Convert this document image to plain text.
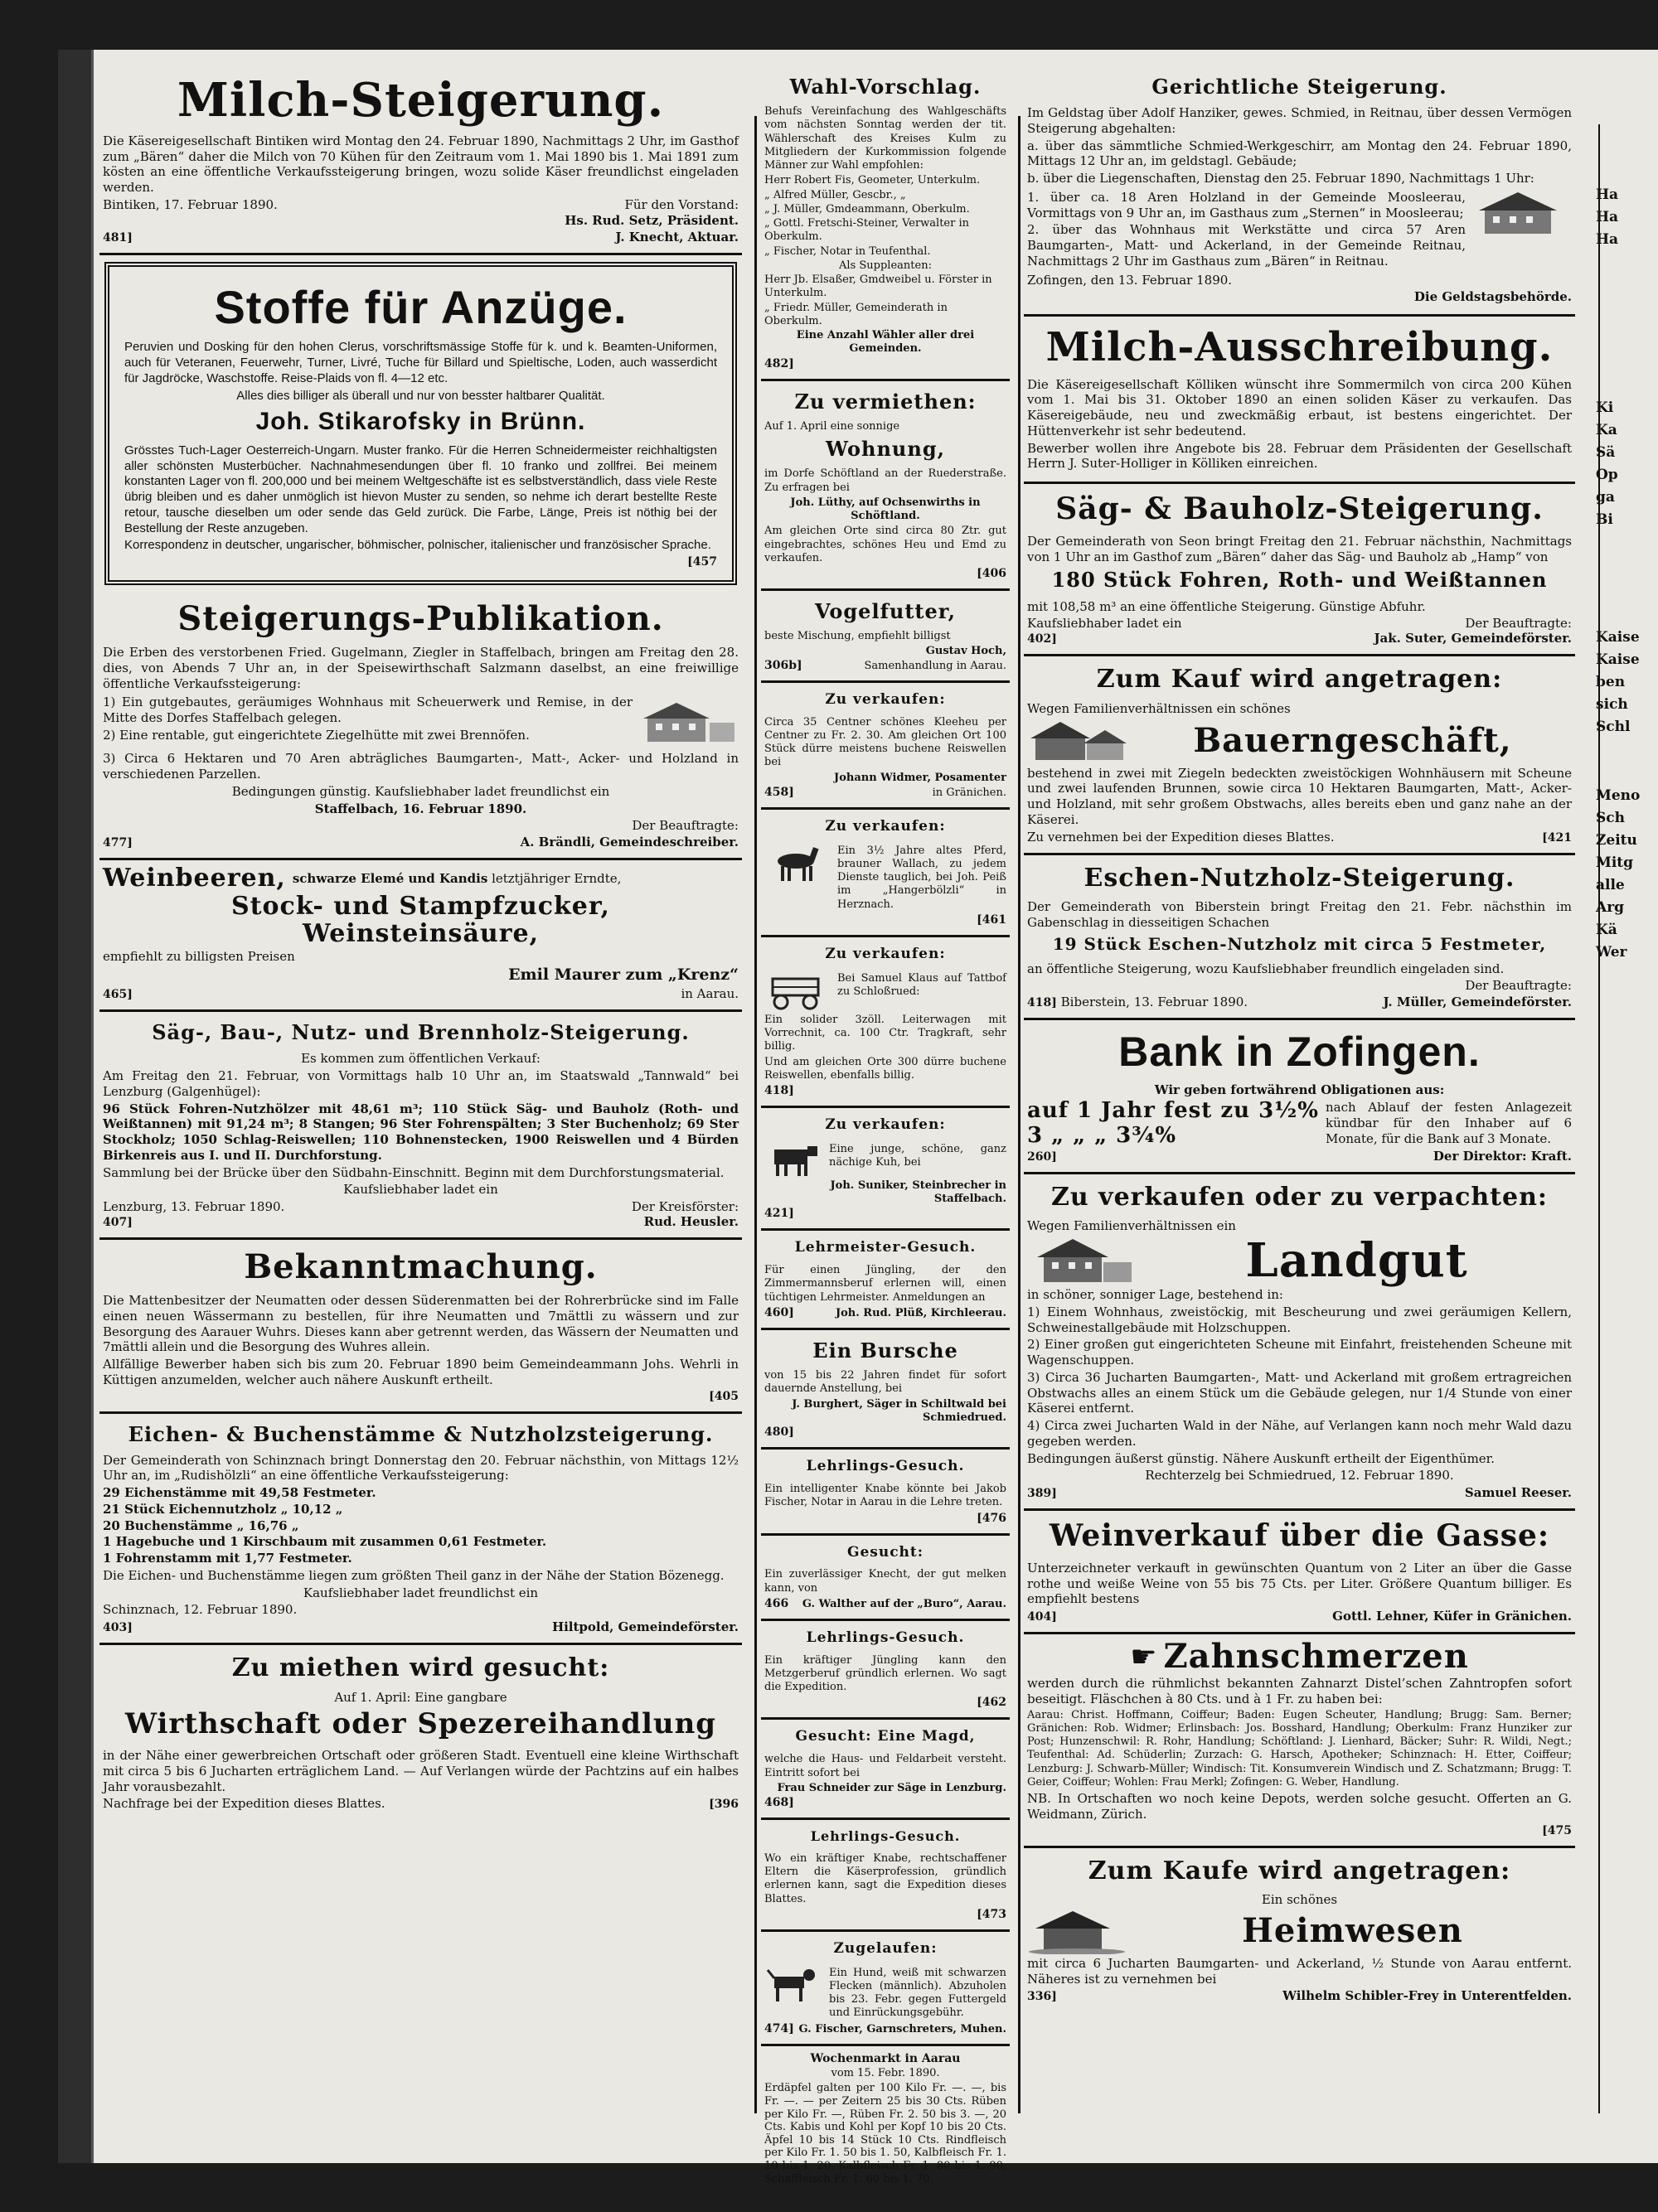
Milch-Steigerung.

Die Käsereigesellschaft Bintiken wird Montag den 24. Februar 1890, Nachmittags 2 Uhr, im Gasthof zum „Bären“ daher die Milch von 70 Kühen für den Zeitraum vom 1. Mai 1890 bis 1. Mai 1891 zum kösten an eine öffentliche Verkaufssteigerung bringen, wozu solide Käser freundlichst eingeladen werden.

Bintiken, 17. Februar 1890.	Für den Vorstand:
Hs. Rud. Setz, Präsident.
481]	J. Knecht, Aktuar.
Stoffe für Anzüge.

Peruvien und Dosking für den hohen Clerus, vorschriftsmässige Stoffe für k. und k. Beamten-Uniformen, auch für Veteranen, Feuerwehr, Turner, Livré, Tuche für Billard und Spieltische, Loden, auch wasserdicht für Jagdröcke, Waschstoffe. Reise-Plaids von fl. 4—12 etc.

Alles dies billiger als überall und nur von besster haltbarer Qualität.

Joh. Stikarofsky in Brünn.

Grösstes Tuch-Lager Oesterreich-Ungarn. Muster franko. Für die Herren Schneidermeister reichhaltigsten aller schönsten Musterbücher. Nachnahmesendungen über fl. 10 franko und zollfrei. Bei meinem konstanten Lager von fl. 200,000 und bei meinem Weltgeschäfte ist es selbstverständlich, dass viele Reste übrig bleiben und es daher unmöglich ist hievon Muster zu senden, so nehme ich derart bestellte Reste retour, tausche dieselben um oder sende das Geld zurück. Die Farbe, Länge, Preis ist nöthig bei der Bestellung der Reste anzugeben.

Korrespondenz in deutscher, ungarischer, böhmischer, polnischer, italienischer und französischer Sprache.

[457
Steigerungs-Publikation.

Die Erben des verstorbenen Fried. Gugelmann, Ziegler in Staffelbach, bringen am Freitag den 28. dies, von Abends 7 Uhr an, in der Speisewirthschaft Salzmann daselbst, an eine freiwillige öffentliche Verkaufssteigerung:

1) Ein gutgebautes, geräumiges Wohnhaus mit Scheuerwerk und Remise, in der Mitte des Dorfes Staffelbach gelegen.

2) Eine rentable, gut eingerichtete Ziegelhütte mit zwei Brennöfen.

3) Circa 6 Hektaren und 70 Aren abträgliches Baumgarten-, Matt-, Acker- und Holzland in verschiedenen Parzellen.

Bedingungen günstig. Kaufsliebhaber ladet freundlichst ein

Staffelbach, 16. Februar 1890.

Der Beauftragte:
477]	A. Brändli, Gemeindeschreiber.
Weinbeeren, schwarze Elemé und Kandis letztjähriger Erndte,
Stock- und Stampfzucker,
Weinsteinsäure,

empfiehlt zu billigsten Preisen

Emil Maurer zum „Krenz“
465]	in Aarau.
Säg-, Bau-, Nutz- und Brennholz-Steigerung.

Es kommen zum öffentlichen Verkauf:

Am Freitag den 21. Februar, von Vormittags halb 10 Uhr an, im Staatswald „Tannwald“ bei Lenzburg (Galgenhügel):

96 Stück Fohren-Nutzhölzer mit 48,61 m³; 110 Stück Säg- und Bauholz (Roth- und Weißtannen) mit 91,24 m³; 8 Stangen; 96 Ster Fohrenspälten; 3 Ster Buchenholz; 69 Ster Stockholz; 1050 Schlag-Reiswellen; 110 Bohnenstecken, 1900 Reiswellen und 4 Bürden Birkenreis aus I. und II. Durchforstung.

Sammlung bei der Brücke über den Südbahn-Einschnitt. Beginn mit dem Durchforstungsmaterial.

Kaufsliebhaber ladet ein

Lenzburg, 13. Februar 1890.	Der Kreisförster:
407]	Rud. Heusler.
Bekanntmachung.

Die Mattenbesitzer der Neumatten oder dessen Süderenmatten bei der Rohrerbrücke sind im Falle einen neuen Wässermann zu bestellen, für ihre Neumatten und 7mättli zu wässern und zur Besorgung des Aarauer Wuhrs. Dieses kann aber getrennt werden, das Wässern der Neumatten und 7mättli allein und die Besorgung des Wuhres allein.

Allfällige Bewerber haben sich bis zum 20. Februar 1890 beim Gemeindeammann Johs. Wehrli in Küttigen anzumelden, welcher auch nähere Auskunft ertheilt.

[405
Eichen- & Buchenstämme & Nutzholzsteigerung.

Der Gemeinderath von Schinznach bringt Donnerstag den 20. Februar nächsthin, von Mittags 12½ Uhr an, im „Rudishölzli“ an eine öffentliche Verkaufssteigerung:

29 Eichenstämme mit 49,58 Festmeter.
21 Stück Eichennutzholz „ 10,12 „
20 Buchenstämme „ 16,76 „
1 Hagebuche und 1 Kirschbaum mit zusammen 0,61 Festmeter.
1 Fohrenstamm mit 1,77 Festmeter.

Die Eichen- und Buchenstämme liegen zum größten Theil ganz in der Nähe der Station Bözenegg.

Kaufsliebhaber ladet freundlichst ein

Schinznach, 12. Februar 1890.

403]	Hiltpold, Gemeindeförster.
Zu miethen wird gesucht:

Auf 1. April: Eine gangbare

Wirthschaft oder Spezereihandlung

in der Nähe einer gewerbreichen Ortschaft oder größeren Stadt. Eventuell eine kleine Wirthschaft mit circa 5 bis 6 Jucharten erträglichem Land. — Auf Verlangen würde der Pachtzins auf ein halbes Jahr vorausbezahlt.

Nachfrage bei der Expedition dieses Blattes.	[396
Wahl-Vorschlag.

Behufs Vereinfachung des Wahlgeschäfts vom nächsten Sonntag werden der tit. Wählerschaft des Kreises Kulm zu Mitgliedern der Kurkommission folgende Männer zur Wahl empfohlen:

Herr Robert Fis, Geometer, Unterkulm.
„ Alfred Müller, Gescbr., „
„ J. Müller, Gmdeammann, Oberkulm.
„ Gottl. Fretschi-Steiner, Verwalter in Oberkulm.
„ Fischer, Notar in Teufenthal.
Als Suppleanten:
Herr Jb. Elsaßer, Gmdweibel u. Förster in Unterkulm.
„ Friedr. Müller, Gemeinderath in Oberkulm.
Eine Anzahl Wähler aller drei Gemeinden.
482]
Zu vermiethen:
Auf 1. April eine sonnige
Wohnung,

im Dorfe Schöftland an der Ruederstraße. Zu erfragen bei

Joh. Lüthy, auf Ochsenwirths in Schöftland.

Am gleichen Orte sind circa 80 Ztr. gut eingebrachtes, schönes Heu und Emd zu verkaufen.

[406
Vogelfutter,
beste Mischung, empfiehlt billigst
Gustav Hoch,
306b]	Samenhandlung in Aarau.
Zu verkaufen:

Circa 35 Centner schönes Kleeheu per Centner zu Fr. 2. 30. Am gleichen Ort 100 Stück dürre meistens buchene Reiswellen bei

Johann Widmer, Posamenter
458]	in Gränichen.
Zu verkaufen:

Ein 3½ Jahre altes Pferd, brauner Wallach, zu jedem Dienste tauglich, bei Joh. Peiß im „Hangerbölzli“ in Herznach.

[461
Zu verkaufen:

Bei Samuel Klaus auf Tattbof zu Schloßrued:

Ein solider 3zöll. Leiterwagen mit Vorrechnit, ca. 100 Ctr. Tragkraft, sehr billig.

Und am gleichen Orte 300 dürre buchene Reiswellen, ebenfalls billig.

418]
Zu verkaufen:

Eine junge, schöne, ganz nächige Kuh, bei

Joh. Suniker, Steinbrecher in Staffelbach.
421]
Lehrmeister-Gesuch.

Für einen Jüngling, der den Zimmermannsberuf erlernen will, einen tüchtigen Lehrmeister. Anmeldungen an

460]	Joh. Rud. Plüß, Kirchleerau.
Ein Bursche

von 15 bis 22 Jahren findet für sofort dauernde Anstellung, bei

J. Burghert, Säger in Schiltwald bei Schmiedrued.
480]
Lehrlings-Gesuch.

Ein intelligenter Knabe könnte bei Jakob Fischer, Notar in Aarau in die Lehre treten.

[476
Gesucht:

Ein zuverlässiger Knecht, der gut melken kann, von

466 G. Walther auf der „Buro“, Aarau.
Lehrlings-Gesuch.

Ein kräftiger Jüngling kann den Metzgerberuf gründlich erlernen. Wo sagt die Expedition.

[462
Gesucht: Eine Magd,

welche die Haus- und Feldarbeit versteht. Eintritt sofort bei

Frau Schneider zur Säge in Lenzburg.
468]
Lehrlings-Gesuch.

Wo ein kräftiger Knabe, rechtschaffener Eltern die Käserprofession, gründlich erlernen kann, sagt die Expedition dieses Blattes.

[473
Zugelaufen:

Ein Hund, weiß mit schwarzen Flecken (männlich). Abzuholen bis 23. Febr. gegen Futtergeld und Einrückungsgebühr.

474] G. Fischer, Garnschreters, Muhen.
Wochenmarkt in Aarau
vom 15. Febr. 1890.

Erdäpfel galten per 100 Kilo Fr. —. —, bis Fr. —. — per Zeitern 25 bis 30 Cts. Rüben per Kilo Fr. —, Rüben Fr. 2. 50 bis 3. —, 20 Cts. Kabis und Kohl per Kopf 10 bis 20 Cts. Äpfel 10 bis 14 Stück 10 Cts. Rindfleisch per Kilo Fr. 1. 50 bis 1. 50, Kalbfleisch Fr. 1. 10 bis 1. 20, Kalbfleisch Fr. 1. 80 bis 1. 90, Schaffleisch Fr. 1. 60 bis 1. 70.

Gerichtliche Steigerung.

Im Geldstag über Adolf Hanziker, gewes. Schmied, in Reitnau, über dessen Vermögen Steigerung abgehalten:

a. über das sämmtliche Schmied-Werkgeschirr, am Montag den 24. Februar 1890, Mittags 12 Uhr an, im geldstagl. Gebäude;

b. über die Liegenschaften, Dienstag den 25. Februar 1890, Nachmittags 1 Uhr:

1. über ca. 18 Aren Holzland in der Gemeinde Moosleerau, Vormittags von 9 Uhr an, im Gasthaus zum „Sternen“ in Moosleerau;

2. über das Wohnhaus mit Werkstätte und circa 57 Aren Baumgarten-, Matt- und Ackerland, in der Gemeinde Reitnau, Nachmittags 2 Uhr im Gasthaus zum „Bären“ in Reitnau.

Zofingen, den 13. Februar 1890.

Die Geldstagsbehörde.
Milch-Ausschreibung.

Die Käsereigesellschaft Kölliken wünscht ihre Sommermilch von circa 200 Kühen vom 1. Mai bis 31. Oktober 1890 an einen soliden Käser zu verkaufen. Das Käsereigebäude, neu und zweckmäßig erbaut, ist bestens eingerichtet. Der Hüttenverkehr ist sehr bedeutend.

Bewerber wollen ihre Angebote bis 28. Februar dem Präsidenten der Gesellschaft Herrn J. Suter-Holliger in Kölliken einreichen.

Säg- & Bauholz-Steigerung.

Der Gemeinderath von Seon bringt Freitag den 21. Februar nächsthin, Nachmittags von 1 Uhr an im Gasthof zum „Bären“ daher das Säg- und Bauholz ab „Hamp“ von

180 Stück Fohren, Roth- und Weißtannen

mit 108,58 m³ an eine öffentliche Steigerung. Günstige Abfuhr.

Kaufsliebhaber ladet ein	Der Beauftragte:
402]	Jak. Suter, Gemeindeförster.
Zum Kauf wird angetragen:

Wegen Familienverhältnissen ein schönes

Bauerngeschäft,

bestehend in zwei mit Ziegeln bedeckten zweistöckigen Wohnhäusern mit Scheune und zwei laufenden Brunnen, sowie circa 10 Hektaren Baumgarten, Matt-, Acker- und Holzland, mit sehr großem Obstwachs, alles bereits eben und ganz nahe an der Käserei.

Zu vernehmen bei der Expedition dieses Blattes.	[421
Eschen-Nutzholz-Steigerung.

Der Gemeinderath von Biberstein bringt Freitag den 21. Febr. nächsthin im Gabenschlag in diesseitigen Schachen

19 Stück Eschen-Nutzholz mit circa 5 Festmeter,

an öffentliche Steigerung, wozu Kaufsliebhaber freundlich eingeladen sind.

Der Beauftragte:
418] Biberstein, 13. Februar 1890.	J. Müller, Gemeindeförster.
Bank in Zofingen.
Wir geben fortwährend Obligationen aus:
auf 1 Jahr fest zu 3½%
3 „ „ „ 3¾%

nach Ablauf der festen Anlagezeit kündbar für den Inhaber auf 6 Monate, für die Bank auf 3 Monate.

260]	Der Direktor: Kraft.
Zu verkaufen oder zu verpachten:

Wegen Familienverhältnissen ein

Landgut

in schöner, sonniger Lage, bestehend in:

1) Einem Wohnhaus, zweistöckig, mit Bescheurung und zwei geräumigen Kellern, Schweinestallgebäude mit Holzschuppen.

2) Einer großen gut eingerichteten Scheune mit Einfahrt, freistehenden Scheune mit Wagenschuppen.

3) Circa 36 Jucharten Baumgarten-, Matt- und Ackerland mit großem ertragreichen Obstwachs alles an einem Stück um die Gebäude gelegen, nur 1/4 Stunde von einer Käserei entfernt.

4) Circa zwei Jucharten Wald in der Nähe, auf Verlangen kann noch mehr Wald dazu gegeben werden.

Bedingungen äußerst günstig. Nähere Auskunft ertheilt der Eigenthümer.

Rechterzelg bei Schmiedrued, 12. Februar 1890.

389]	Samuel Reeser.
Weinverkauf über die Gasse:

Unterzeichneter verkauft in gewünschten Quantum von 2 Liter an über die Gasse rothe und weiße Weine von 55 bis 75 Cts. per Liter. Größere Quantum billiger. Es empfiehlt bestens

404]	Gottl. Lehner, Küfer in Gränichen.
☛ Zahnschmerzen

werden durch die rühmlichst bekannten Zahnarzt Distel’schen Zahntropfen sofort beseitigt. Fläschchen à 80 Cts. und à 1 Fr. zu haben bei:

Aarau: Christ. Hoffmann, Coiffeur; Baden: Eugen Scheuter, Handlung; Brugg: Sam. Berner; Gränichen: Rob. Widmer; Erlinsbach: Jos. Bosshard, Handlung; Oberkulm: Franz Hunziker zur Post; Hunzenschwil: R. Rohr, Handlung; Schöftland: J. Lienhard, Bäcker; Suhr: R. Wildi, Negt.; Teufenthal: Ad. Schüderlin; Zurzach: G. Harsch, Apotheker; Schinznach: H. Etter, Coiffeur; Lenzburg: J. Schwarb-Müller; Windisch: Tit. Konsumverein Windisch und Z. Schatzmann; Brugg: T. Geier, Coiffeur; Wohlen: Frau Merkl; Zofingen: G. Weber, Handlung.

NB. In Ortschaften wo noch keine Depots, werden solche gesucht. Offerten an G. Weidmann, Zürich.

[475
Zum Kaufe wird angetragen:
Ein schönes
Heimwesen

mit circa 6 Jucharten Baumgarten- und Ackerland, ½ Stunde von Aarau entfernt. Näheres ist zu vernehmen bei

336]	Wilhelm Schibler-Frey in Unterentfelden.
Ha
Ha
Ha
Ki
Ka
Sä
Op
ga
Bi
Kaise
Kaise
ben
sich
Schl
Meno
Sch
Zeitu
Mitg
alle
Arg
Kä
Wer
